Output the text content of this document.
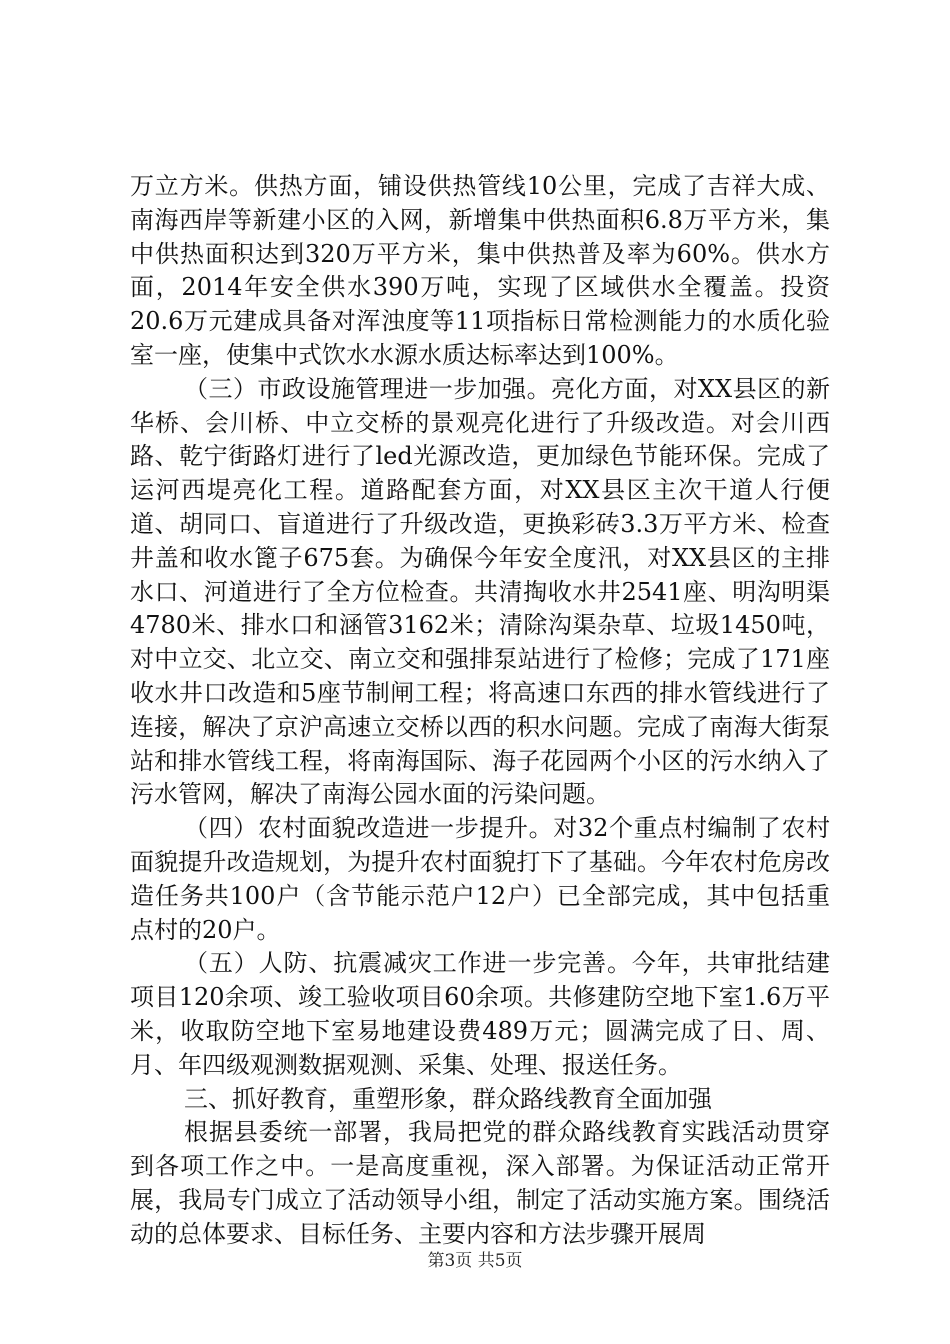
万立方米。供热方面，铺设供热管线10公里，完成了吉祥大成、南海西岸等新建小区的入网，新增集中供热面积6.8万平方米，集中供热面积达到320万平方米，集中供热普及率为60%。供水方面，2014年安全供水390万吨，实现了区域供水全覆盖。投资20.6万元建成具备对浑浊度等11项指标日常检测能力的水质化验室一座，使集中式饮水水源水质达标率达到100%。

（三）市政设施管理进一步加强。亮化方面，对XX县区的新华桥、会川桥、中立交桥的景观亮化进行了升级改造。对会川西路、乾宁街路灯进行了led光源改造，更加绿色节能环保。完成了运河西堤亮化工程。道路配套方面，对XX县区主次干道人行便道、胡同口、盲道进行了升级改造，更换彩砖3.3万平方米、检查井盖和收水篦子675套。为确保今年安全度汛，对XX县区的主排水口、河道进行了全方位检查。共清掏收水井2541座、明沟明渠4780米、排水口和涵管3162米；清除沟渠杂草、垃圾1450吨，对中立交、北立交、南立交和强排泵站进行了检修；完成了171座收水井口改造和5座节制闸工程；将高速口东西的排水管线进行了连接，解决了京沪高速立交桥以西的积水问题。完成了南海大街泵站和排水管线工程，将南海国际、海子花园两个小区的污水纳入了污水管网，解决了南海公园水面的污染问题。

（四）农村面貌改造进一步提升。对32个重点村编制了农村面貌提升改造规划，为提升农村面貌打下了基础。今年农村危房改造任务共100户（含节能示范户12户）已全部完成，其中包括重点村的20户。

（五）人防、抗震减灾工作进一步完善。今年，共审批结建项目120余项、竣工验收项目60余项。共修建防空地下室1.6万平米，收取防空地下室易地建设费489万元；圆满完成了日、周、月、年四级观测数据观测、采集、处理、报送任务。

三、抓好教育，重塑形象，群众路线教育全面加强

根据县委统一部署，我局把党的群众路线教育实践活动贯穿到各项工作之中。一是高度重视，深入部署。为保证活动正常开展，我局专门成立了活动领导小组，制定了活动实施方案。围绕活动的总体要求、目标任务、主要内容和方法步骤开展周

第3页 共5页
